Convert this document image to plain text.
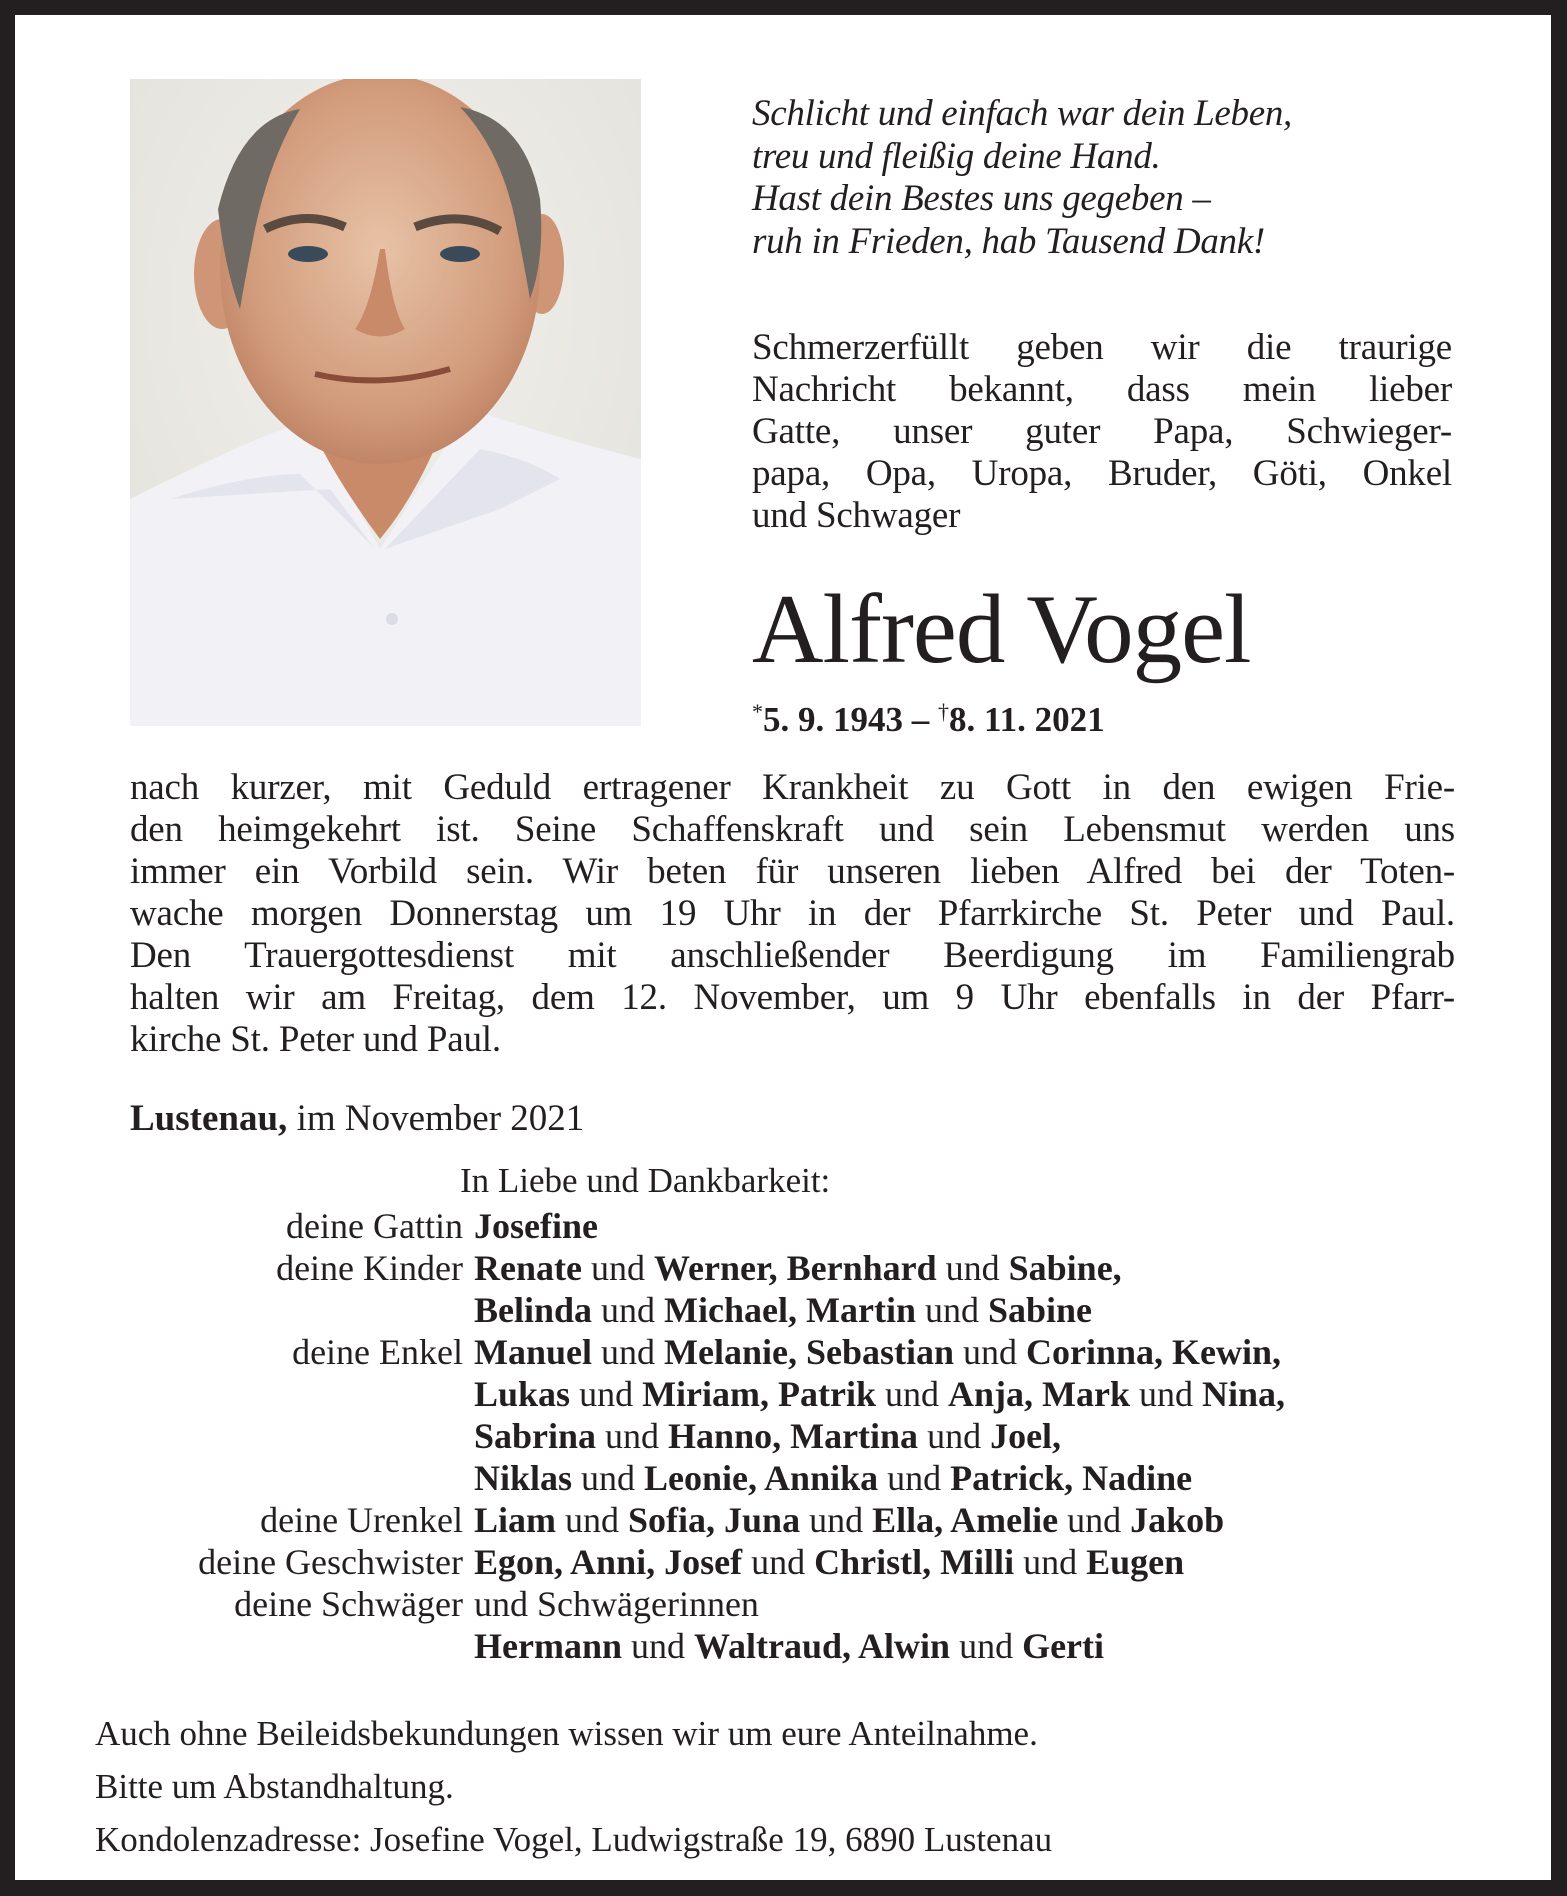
Schlicht und einfach war dein Leben,
treu und fleißig deine Hand.
Hast dein Bestes uns gegeben –
ruh in Frieden, hab Tausend Dank!
Schmerzerfüllt geben wir die traurige
Nachricht bekannt, dass mein lieber
Gatte, unser guter Papa, Schwieger-
papa, Opa, Uropa, Bruder, Göti, Onkel
und Schwager
Alfred Vogel
*5. 9. 1943 – †8. 11. 2021
nach kurzer, mit Geduld ertragener Krankheit zu Gott in den ewigen Frie-
den heimgekehrt ist. Seine Schaffenskraft und sein Lebensmut werden uns
immer ein Vorbild sein. Wir beten für unseren lieben Alfred bei der Toten-
wache morgen Donnerstag um 19 Uhr in der Pfarrkirche St. Peter und Paul.
Den Trauergottesdienst mit anschließender Beerdigung im Familiengrab
halten wir am Freitag, dem 12. November, um 9 Uhr ebenfalls in der Pfarr-
kirche St. Peter und Paul.
Lustenau, im November 2021
In Liebe und Dankbarkeit:
deine Gattin Josefine
deine Kinder Renate und Werner, Bernhard und Sabine,
Belinda und Michael, Martin und Sabine
deine Enkel Manuel und Melanie, Sebastian und Corinna, Kewin,
Lukas und Miriam, Patrik und Anja, Mark und Nina,
Sabrina und Hanno, Martina und Joel,
Niklas und Leonie, Annika und Patrick, Nadine
deine Urenkel Liam und Sofia, Juna und Ella, Amelie und Jakob
deine Geschwister Egon, Anni, Josef und Christl, Milli und Eugen
deine Schwäger und Schwägerinnen
Hermann und Waltraud, Alwin und Gerti
Auch ohne Beileidsbekundungen wissen wir um eure Anteilnahme.
Bitte um Abstandhaltung.
Kondolenzadresse: Josefine Vogel, Ludwigstraße 19, 6890 Lustenau
